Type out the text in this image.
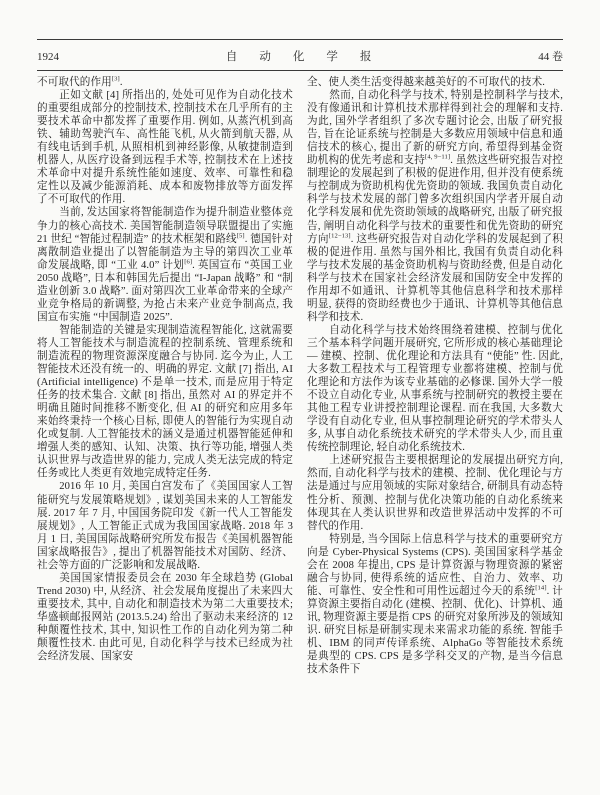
1924	自动化学报	44 卷

不可取代的作用[3].

正如文献 [4] 所指出的, 处处可见作为自动化技术的重要组成部分的控制技术, 控制技术在几乎所有的主要技术革命中都发挥了重要作用. 例如, 从蒸汽机到高铁、辅助驾驶汽车、高性能飞机, 从火箭到航天器, 从有线电话到手机, 从照相机到神经影像, 从敏捷制造到机器人, 从医疗设备到远程手术等, 控制技术在上述技术革命中对提升系统性能如速度、效率、可靠性和稳定性以及减少能源消耗、成本和废物排放等方面发挥了不可取代的作用.

当前, 发达国家将智能制造作为提升制造业整体竞争力的核心高技术. 美国智能制造领导联盟提出了实施 21 世纪 “智能过程制造” 的技术框架和路线[5]. 德国针对离散制造业提出了以智能制造为主导的第四次工业革命发展战略, 即 “工业 4.0” 计划[6]. 英国宣布 “英国工业 2050 战略”, 日本和韩国先后提出 “I-Japan 战略” 和 “制造业创新 3.0 战略”. 面对第四次工业革命带来的全球产业竞争格局的新调整, 为抢占未来产业竞争制高点, 我国宣布实施 “中国制造 2025”.

智能制造的关键是实现制造流程智能化, 这就需要将人工智能技术与制造流程的控制系统、管理系统和制造流程的物理资源深度融合与协同. 迄今为止, 人工智能技术还没有统一的、明确的界定. 文献 [7] 指出, AI (Artificial intelligence) 不是单一技术, 而是应用于特定任务的技术集合. 文献 [8] 指出, 虽然对 AI 的界定并不明确且随时间推移不断变化, 但 AI 的研究和应用多年来始终秉持一个核心目标, 即使人的智能行为实现自动化或复制. 人工智能技术的涵义是通过机器智能延伸和增强人类的感知、认知、决策、执行等功能, 增强人类认识世界与改造世界的能力, 完成人类无法完成的特定任务或比人类更有效地完成特定任务.

2016 年 10 月, 美国白宫发布了《美国国家人工智能研究与发展策略规划》, 谋划美国未来的人工智能发展. 2017 年 7 月, 中国国务院印发《新一代人工智能发展规划》, 人工智能正式成为我国国家战略. 2018 年 3 月 1 日, 美国国际战略研究所发布报告《美国机器智能国家战略报告》, 提出了机器智能技术对国防、经济、社会等方面的广泛影响和发展战略.

美国国家情报委员会在 2030 年全球趋势 (Global Trend 2030) 中, 从经济、社会发展角度提出了未来四大重要技术, 其中, 自动化和制造技术为第二大重要技术; 华盛顿邮报网站 (2013.5.24) 给出了驱动未来经济的 12 种颠覆性技术, 其中, 知识性工作的自动化列为第二种颠覆性技术. 由此可见, 自动化科学与技术已经成为社会经济发展、国家安

全、使人类生活变得越来越美好的不可取代的技术.

然而, 自动化科学与技术, 特别是控制科学与技术, 没有像通讯和计算机技术那样得到社会的理解和支持. 为此, 国外学者组织了多次专题讨论会, 出版了研究报告, 旨在论证系统与控制是大多数应用领域中信息和通信技术的核心, 提出了新的研究方向, 希望得到基金资助机构的优先考虑和支持[4, 9−11]. 虽然这些研究报告对控制理论的发展起到了积极的促进作用, 但并没有使系统与控制成为资助机构优先资助的领域. 我国负责自动化科学与技术发展的部门曾多次组织国内学者开展自动化学科发展和优先资助领域的战略研究, 出版了研究报告, 阐明自动化科学与技术的重要性和优先资助的研究方向[12−13]. 这些研究报告对自动化学科的发展起到了积极的促进作用. 虽然与国外相比, 我国有负责自动化科学与技术发展的基金资助机构与资助经费, 但是自动化科学与技术在国家社会经济发展和国防安全中发挥的作用却不如通讯、计算机等其他信息科学和技术那样明显, 获得的资助经费也少于通讯、计算机等其他信息科学和技术.

自动化科学与技术始终围绕着建模、控制与优化三个基本科学问题开展研究, 它所形成的核心基础理论 — 建模、控制、优化理论和方法具有 “使能” 性. 因此, 大多数工程技术与工程管理专业都将建模、控制与优化理论和方法作为该专业基础的必修课. 国外大学一般不设立自动化专业, 从事系统与控制研究的教授主要在其他工程专业讲授控制理论课程. 而在我国, 大多数大学设有自动化专业, 但从事控制理论研究的学术带头人多, 从事自动化系统技术研究的学术带头人少, 而且重传统控制理论, 轻自动化系统技术.

上述研究报告主要根据理论的发展提出研究方向, 然而, 自动化科学与技术的建模、控制、优化理论与方法是通过与应用领域的实际对象结合, 研制具有动态特性分析、预测、控制与优化决策功能的自动化系统来体现其在人类认识世界和改造世界活动中发挥的不可替代的作用.

特别是, 当今国际上信息科学与技术的重要研究方向是 Cyber-Physical Systems (CPS). 美国国家科学基金会在 2008 年提出, CPS 是计算资源与物理资源的紧密融合与协同, 使得系统的适应性、自治力、效率、功能、可靠性、安全性和可用性远超过今天的系统[14]. 计算资源主要指自动化 (建模、控制、优化)、计算机、通讯, 物理资源主要是指 CPS 的研究对象所涉及的领域知识. 研究目标是研制实现未来需求功能的系统. 智能手机、IBM 的同声传译系统、AlphaGo 等智能技术系统是典型的 CPS. CPS 是多学科交叉的产物, 是当今信息技术条件下
